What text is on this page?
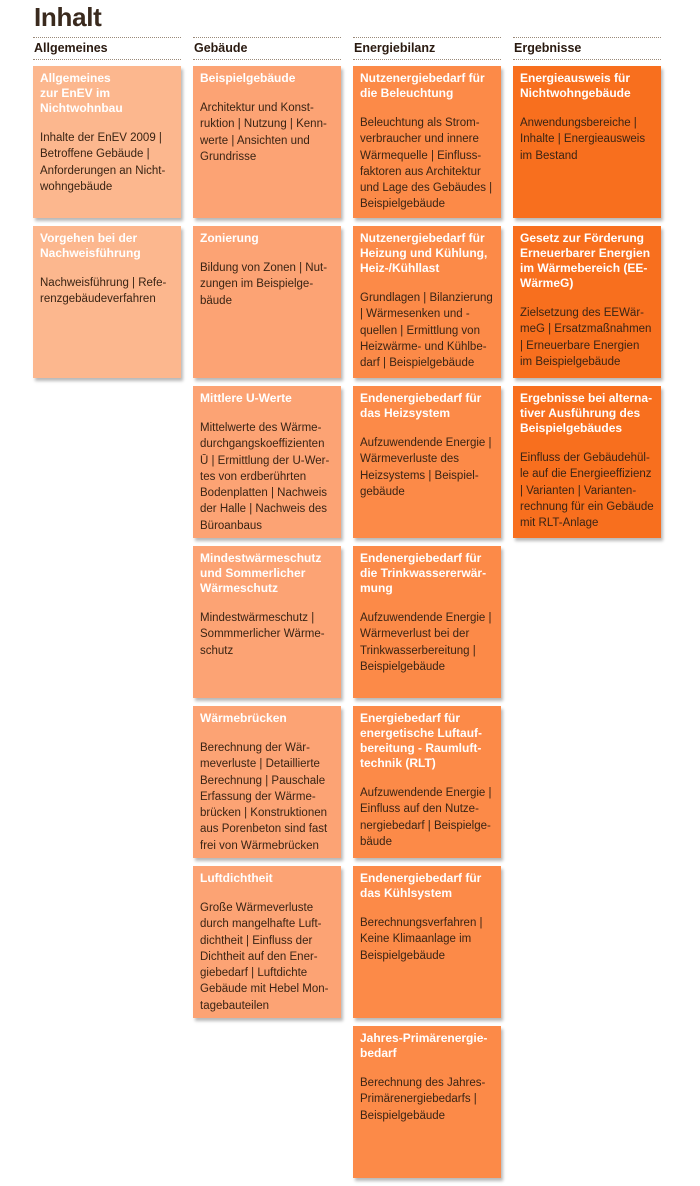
Inhalt
Allgemeines	Gebäude	Energiebilanz	Ergebnisse
Allgemeines
zur EnEV im Nichtwohnbau
Inhalte der EnEV 2009 | Betroffene Gebäude | Anforderungen an Nichtwohngebäude
Vorgehen bei der Nachweisführung
Nachweisführung | Referenzgebäudeverfahren
Beispielgebäude
Architektur und Konstruktion | Nutzung | Kennwerte | Ansichten und Grundrisse
Zonierung
Bildung von Zonen | Nutzungen im Beispielgebäude
Mittlere U-Werte
Mittelwerte des Wärmedurchgangskoeffizienten Ū | Ermittlung der U-Wertes von erdberührten Bodenplatten | Nachweis der Halle | Nachweis des Büroanbaus
Mindestwärmeschutz und Sommerlicher Wärmeschutz
Mindestwärmeschutz | Sommmerlicher Wärmeschutz
Wärmebrücken
Berechnung der Wärmeverluste | Detaillierte Berechnung | Pauschale Erfassung der Wärmebrücken | Konstruktionen aus Porenbeton sind fast frei von Wärmebrücken
Luftdichtheit
Große Wärmeverluste durch mangelhafte Luftdichtheit | Einfluss der Dichtheit auf den Energiebedarf | Luftdichte Gebäude mit Hebel Montagebauteilen
Nutzenergiebedarf für die Beleuchtung
Beleuchtung als Stromverbraucher und innere Wärmequelle | Einflussfaktoren aus Architektur und Lage des Gebäudes | Beispielgebäude
Nutzenergiebedarf für Heizung und Kühlung, Heiz-/Kühllast
Grundlagen | Bilanzierung | Wärmesenken und -quellen | Ermittlung von Heizwärme- und Kühlbedarf | Beispielgebäude
Endenergiebedarf für das Heizsystem
Aufzuwendende Energie | Wärmeverluste des Heizsystems | Beispielgebäude
Endenergiebedarf für die Trinkwassererwärmung
Aufzuwendende Energie | Wärmeverlust bei der Trinkwasserbereitung | Beispielgebäude
Energiebedarf für energetische Luftaufbereitung - Raumlufttechnik (RLT)
Aufzuwendende Energie | Einfluss auf den Nutzenergiebedarf | Beispielgebäude
Endenergiebedarf für das Kühlsystem
Berechnungsverfahren | Keine Klimaanlage im Beispielgebäude
Jahres-Primärenergiebedarf
Berechnung des Jahres-Primärenergiebedarfs | Beispielgebäude
Energieausweis für Nichtwohngebäude
Anwendungsbereiche | Inhalte | Energieausweis im Bestand
Gesetz zur Förderung Erneuerbarer Energien im Wärmebereich (EE-WärmeG)
Zielsetzung des EEWärmeG | Ersatzmaßnahmen | Erneuerbare Energien im Beispielgebäude
Ergebnisse bei alternativer Ausführung des Beispielgebäudes
Einfluss der Gebäudehülle auf die Energieeffizienz | Varianten | Variantenrechnung für ein Gebäude mit RLT-Anlage
